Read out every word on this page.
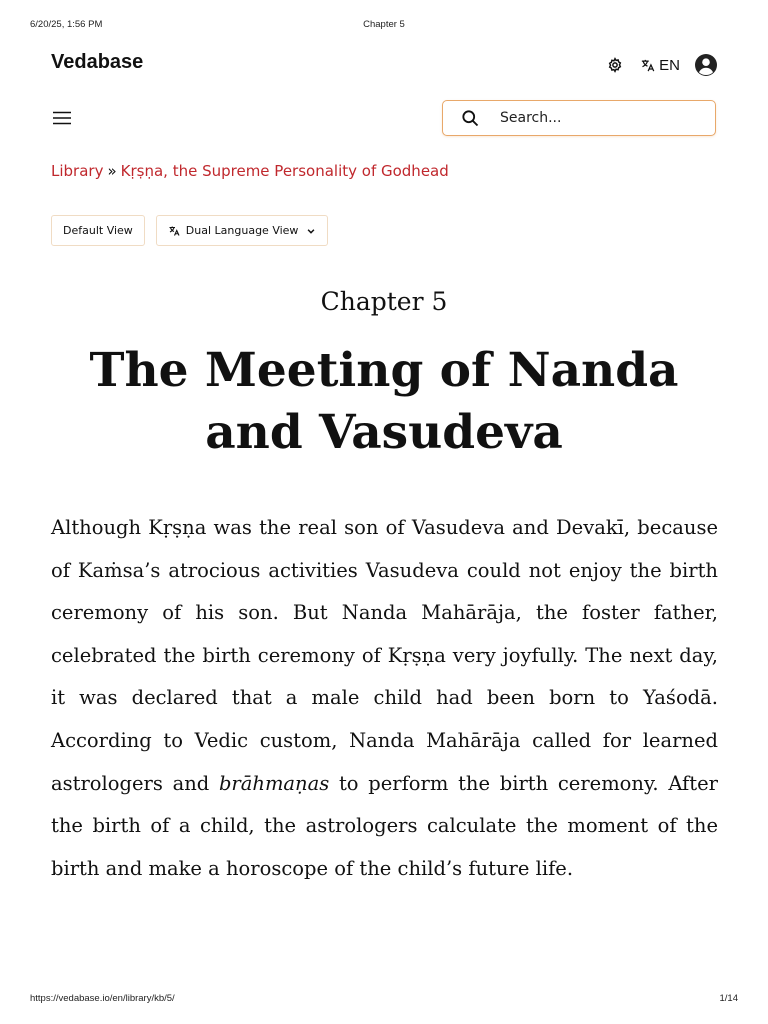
6/20/25, 1:56 PM	Chapter 5
Vedabase	EN
Search...
Library » Kṛṣṇa, the Supreme Personality of Godhead
Default View	Dual Language View
Chapter 5
The Meeting of Nanda and Vasudeva

Although Kṛṣṇa was the real son of Vasudeva and Devakī, because of Kaṁsa’s atrocious activities Vasudeva could not enjoy the birth ceremony of his son. But Nanda Mahārāja, the foster father, celebrated the birth ceremony of Kṛṣṇa very joyfully. The next day, it was declared that a male child had been born to Yaśodā. According to Vedic custom, Nanda Mahārāja called for learned astrologers and brāhmaṇas to perform the birth ceremony. After the birth of a child, the astrologers calculate the moment of the birth and make a horoscope of the child’s future life.

https://vedabase.io/en/library/kb/5/	1/14
